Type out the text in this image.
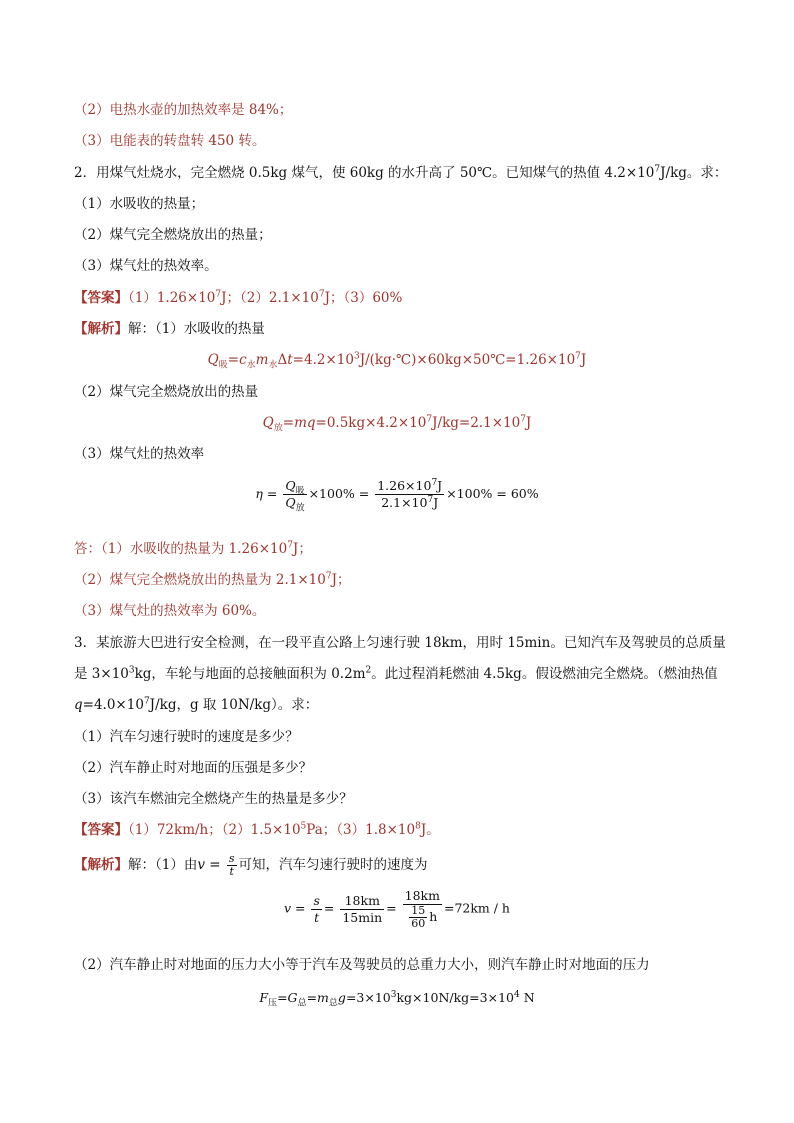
（2）电热水壶的加热效率是 84%；
（3）电能表的转盘转 450 转。
2．用煤气灶烧水，完全燃烧 0.5kg 煤气，使 60kg 的水升高了 50℃。已知煤气的热值 $4.2\times 10^7J/kg$。求：
（1）水吸收的热量；
（2）煤气完全燃烧放出的热量；
（3）煤气灶的热效率。
【答案】$(1)1.26\times 10^7J$；$(2)2.1\times 10^7J$；（3）60%
【解析】解：（1）水吸收的热量
$Q_吸=c_水m_水\Delta t=4.2\times 10^3J/(kg\cdot℃)\times 60kg\times 50℃=1.26\times 10^7J$
（2）煤气完全燃烧放出的热量
$Q_放=mq=0.5kg\times 4.2\times 10^7J/kg=2.1\times 10^7J$
（3）煤气灶的热效率
$\eta = \frac{Q_吸}{Q_放} \times 100\% = \frac{1.26\times 10^7J}{2.1\times 10^7J} \times 100\% = 60\%$
答：（1）水吸收的热量为 $1.26\times 10^7J$；
（2）煤气完全燃烧放出的热量为 $2.1\times 10^7J$；
（3）煤气灶的热效率为 60%。
3．某旅游大巴进行安全检测，在一段平直公路上匀速行驶 18km，用时 15min。已知汽车及驾驶员的总质量
是 $3\times 10^3kg$，车轮与地面的总接触面积为 $0.2m^2$。此过程消耗燃油 4.5kg。假设燃油完全燃烧。（燃油热值
$q=4.0\times 10^7J/kg$，g 取 10N/kg）。求：
（1）汽车匀速行驶时的速度是多少？
（2）汽车静止时对地面的压强是多少？
（3）该汽车燃油完全燃烧产生的热量是多少？
【答案】（1）72km/h；$(2)1.5\times 10^5Pa$；$(3)1.8\times 10^8J$。
【解析】解：（1）由$v = \frac{s}{t}$ 可知，汽车匀速行驶时的速度为
$v = \frac{s}{t} = \frac{18km}{15\min} = \frac{18km}{\frac{15}{60} h} =72km / h$
（2）汽车静止时对地面的压力大小等于汽车及驾驶员的总重力大小，则汽车静止时对地面的压力
$F_压=G_总=m_总g=3\times 10^3kg\times 10N/kg=3\times 10^4$ N
